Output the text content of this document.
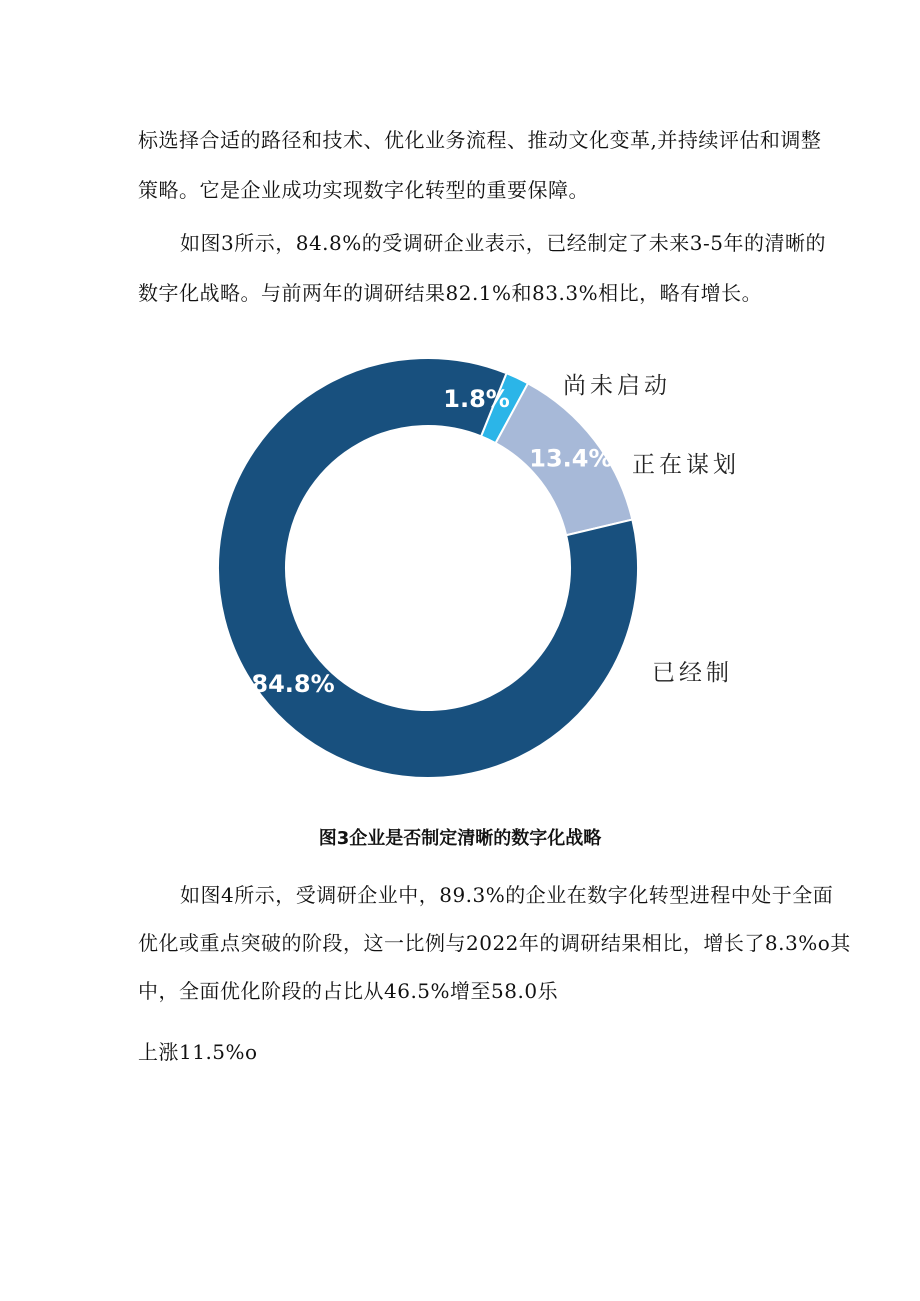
标选择合适的路径和技术、优化业务流程、推动文化变革,并持续评估和调整

策略。它是企业成功实现数字化转型的重要保障。

如图3所示，84.8%的受调研企业表示，已经制定了未来3-5年的清晰的

数字化战略。与前两年的调研结果82.1%和83.3%相比，略有增长。

1.8%
13.4%
84.8%
尚未启动
正在谋划
已经制

图3企业是否制定清晰的数字化战略

如图4所示，受调研企业中，89.3%的企业在数字化转型进程中处于全面

优化或重点突破的阶段，这一比例与2022年的调研结果相比，增长了8.3%o其

中，全面优化阶段的占比从46.5%增至58.0乐

上涨11.5%o
